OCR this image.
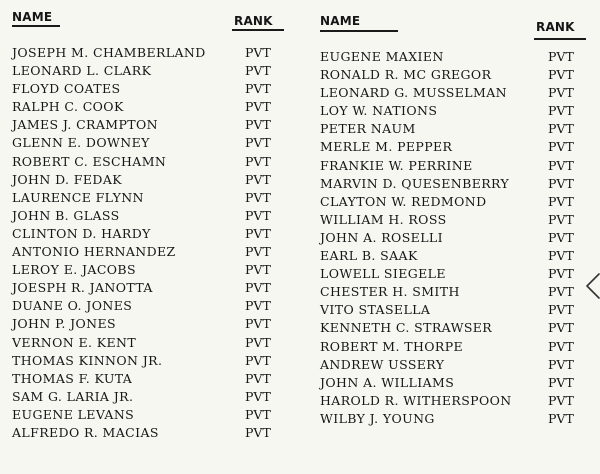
NAME	RANK
JOSEPH M. CHAMBERLAND	PVT
LEONARD L. CLARK	PVT
FLOYD COATES	PVT
RALPH C. COOK	PVT
JAMES J. CRAMPTON	PVT
GLENN E. DOWNEY	PVT
ROBERT C. ESCHAMN	PVT
JOHN D. FEDAK	PVT
LAURENCE FLYNN	PVT
JOHN B. GLASS	PVT
CLINTON D. HARDY	PVT
ANTONIO HERNANDEZ	PVT
LEROY E. JACOBS	PVT
JOESPH R. JANOTTA	PVT
DUANE O. JONES	PVT
JOHN P. JONES	PVT
VERNON E. KENT	PVT
THOMAS KINNON JR.	PVT
THOMAS F. KUTA	PVT
SAM G. LARIA JR.	PVT
EUGENE LEVANS	PVT
ALFREDO R. MACIAS	PVT
NAME	RANK
EUGENE MAXIEN	PVT
RONALD R. MC GREGOR	PVT
LEONARD G. MUSSELMAN	PVT
LOY W. NATIONS	PVT
PETER NAUM	PVT
MERLE M. PEPPER	PVT
FRANKIE W. PERRINE	PVT
MARVIN D. QUESENBERRY	PVT
CLAYTON W. REDMOND	PVT
WILLIAM H. ROSS	PVT
JOHN A. ROSELLI	PVT
EARL B. SAAK	PVT
LOWELL SIEGELE	PVT
CHESTER H. SMITH	PVT
VITO STASELLA	PVT
KENNETH C. STRAWSER	PVT
ROBERT M. THORPE	PVT
ANDREW USSERY	PVT
JOHN A. WILLIAMS	PVT
HAROLD R. WITHERSPOON	PVT
WILBY J. YOUNG	PVT
